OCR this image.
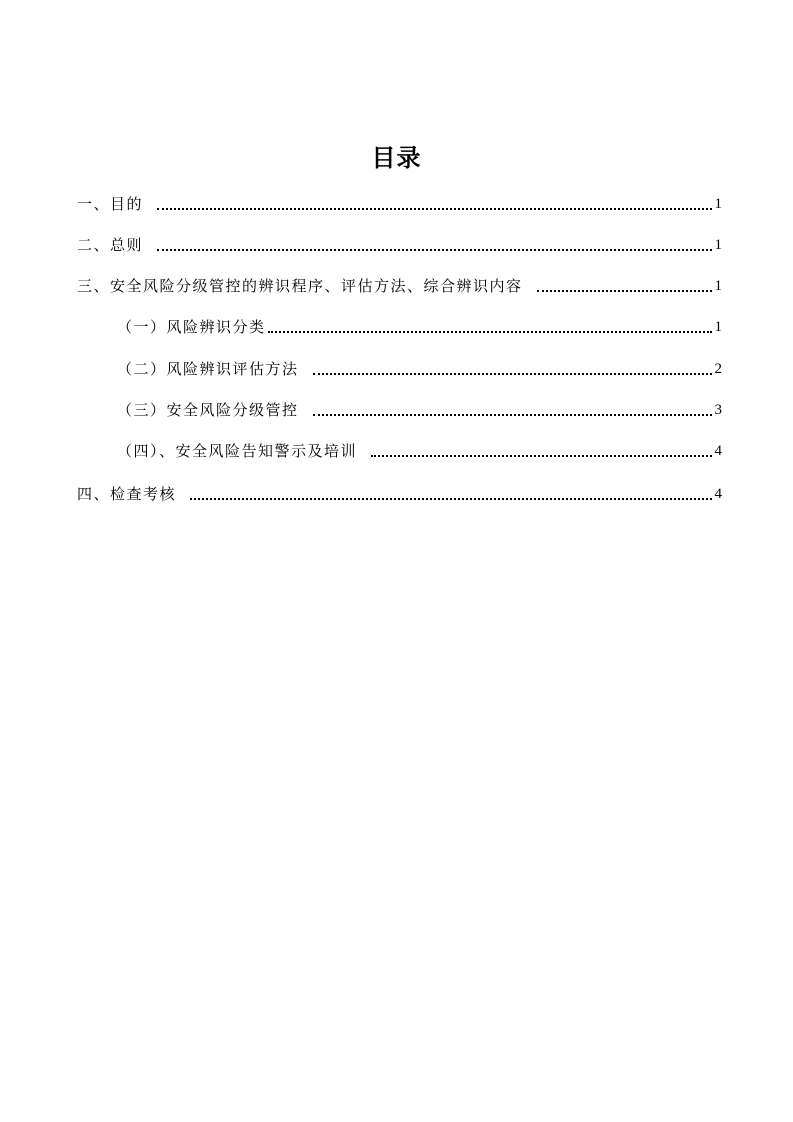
目录
一、目的	1
二、总则	1
三、安全风险分级管控的辨识程序、评估方法、综合辨识内容	1
（一）风险辨识分类	1
（二）风险辨识评估方法	2
（三）安全风险分级管控	3
（四）、安全风险告知警示及培训	4
四、检查考核	4
